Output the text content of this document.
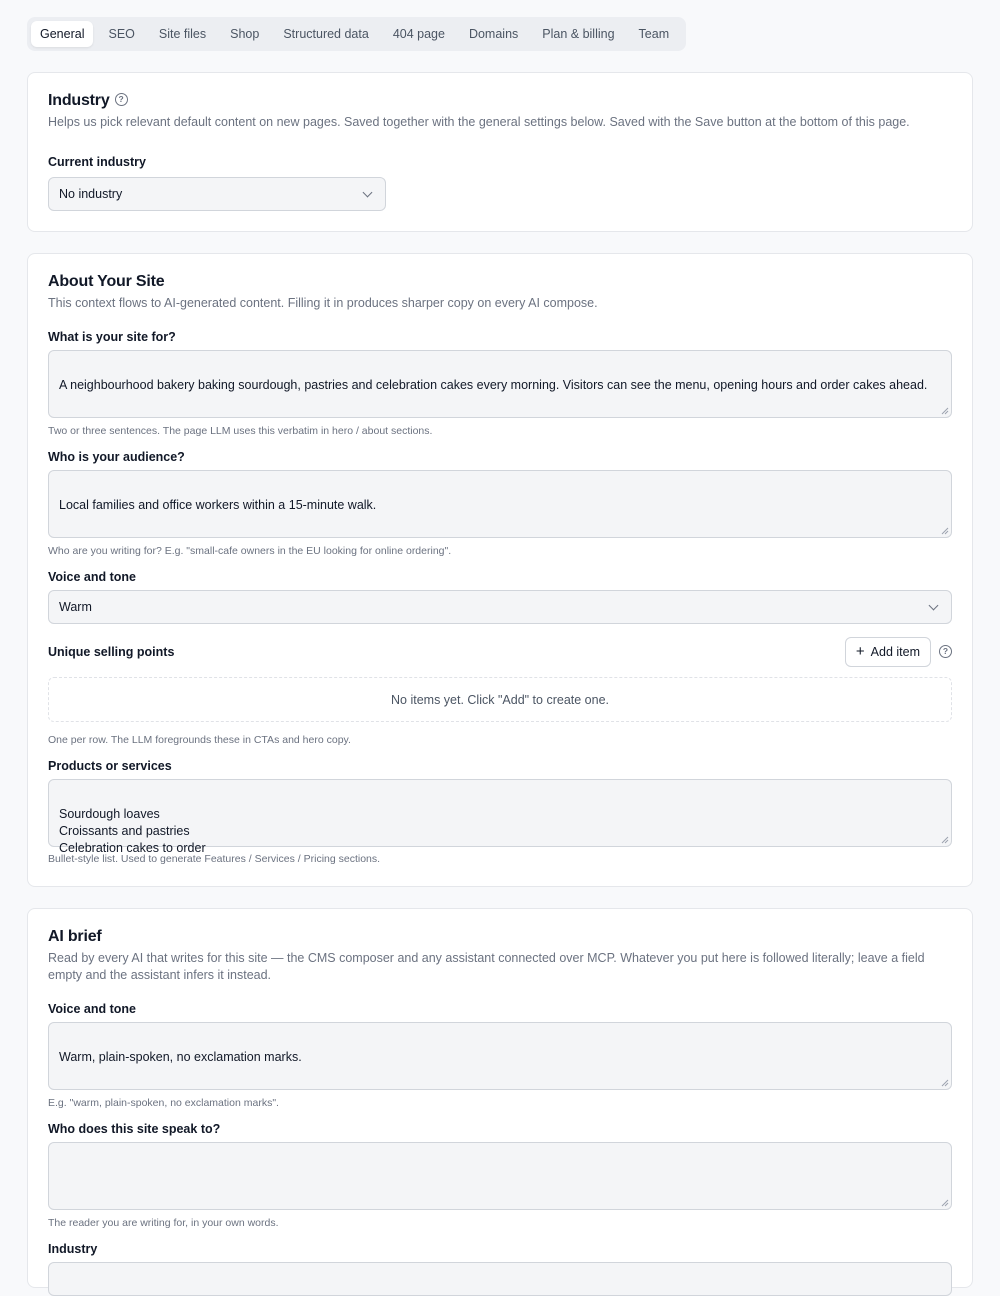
General	SEO	Site files	Shop	Structured data	404 page	Domains	Plan & billing	Team
Industry ?
Helps us pick relevant default content on new pages. Saved together with the general settings below. Saved with the Save button at the bottom of this page.
Current industry
No industry
About Your Site
This context flows to AI-generated content. Filling it in produces sharper copy on every AI compose.
What is your site for?

A neighbourhood bakery baking sourdough, pastries and celebration cakes every morning. Visitors can see the menu, opening hours and order cakes ahead.

Two or three sentences. The page LLM uses this verbatim in hero / about sections.
Who is your audience?

Local families and office workers within a 15-minute walk.

Who are you writing for? E.g. "small-cafe owners in the EU looking for online ordering".
Voice and tone
Warm
Unique selling points	+ Add item	?
No items yet. Click "Add" to create one.
One per row. The LLM foregrounds these in CTAs and hero copy.
Products or services

Sourdough loaves
Croissants and pastries
Celebration cakes to order

Bullet-style list. Used to generate Features / Services / Pricing sections.
AI brief
Read by every AI that writes for this site — the CMS composer and any assistant connected over MCP. Whatever you put here is followed literally; leave a field empty and the assistant infers it instead.
Voice and tone

Warm, plain-spoken, no exclamation marks.

E.g. "warm, plain-spoken, no exclamation marks".
Who does this site speak to?

The reader you are writing for, in your own words.
Industry
